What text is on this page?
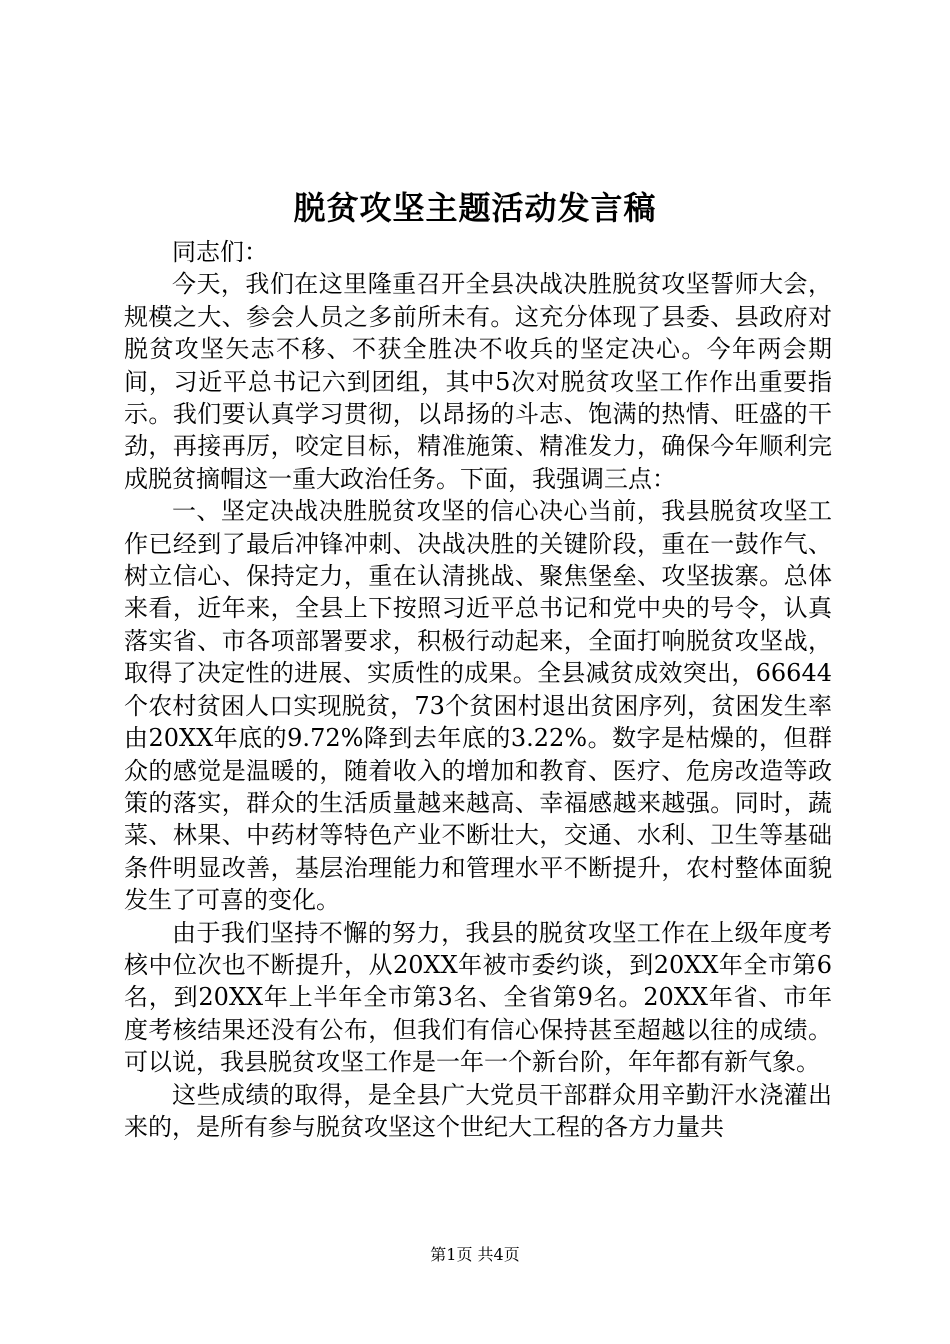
脱贫攻坚主题活动发言稿

同志们：

今天，我们在这里隆重召开全县决战决胜脱贫攻坚誓师大会，规模之大、参会人员之多前所未有。这充分体现了县委、县政府对脱贫攻坚矢志不移、不获全胜决不收兵的坚定决心。今年两会期间，习近平总书记六到团组，其中5次对脱贫攻坚工作作出重要指示。我们要认真学习贯彻，以昂扬的斗志、饱满的热情、旺盛的干劲，再接再厉，咬定目标，精准施策、精准发力，确保今年顺利完成脱贫摘帽这一重大政治任务。下面，我强调三点：

一、坚定决战决胜脱贫攻坚的信心决心当前，我县脱贫攻坚工作已经到了最后冲锋冲刺、决战决胜的关键阶段，重在一鼓作气、树立信心、保持定力，重在认清挑战、聚焦堡垒、攻坚拔寨。总体来看，近年来，全县上下按照习近平总书记和党中央的号令，认真落实省、市各项部署要求，积极行动起来，全面打响脱贫攻坚战，取得了决定性的进展、实质性的成果。全县减贫成效突出，66644个农村贫困人口实现脱贫，73个贫困村退出贫困序列，贫困发生率由20XX年底的9.72%降到去年底的3.22%。数字是枯燥的，但群众的感觉是温暖的，随着收入的增加和教育、医疗、危房改造等政策的落实，群众的生活质量越来越高、幸福感越来越强。同时，蔬菜、林果、中药材等特色产业不断壮大，交通、水利、卫生等基础条件明显改善，基层治理能力和管理水平不断提升，农村整体面貌发生了可喜的变化。

由于我们坚持不懈的努力，我县的脱贫攻坚工作在上级年度考核中位次也不断提升，从20XX年被市委约谈，到20XX年全市第6名，到20XX年上半年全市第3名、全省第9名。20XX年省、市年度考核结果还没有公布，但我们有信心保持甚至超越以往的成绩。可以说，我县脱贫攻坚工作是一年一个新台阶，年年都有新气象。

这些成绩的取得，是全县广大党员干部群众用辛勤汗水浇灌出来的，是所有参与脱贫攻坚这个世纪大工程的各方力量共

第1页 共4页
